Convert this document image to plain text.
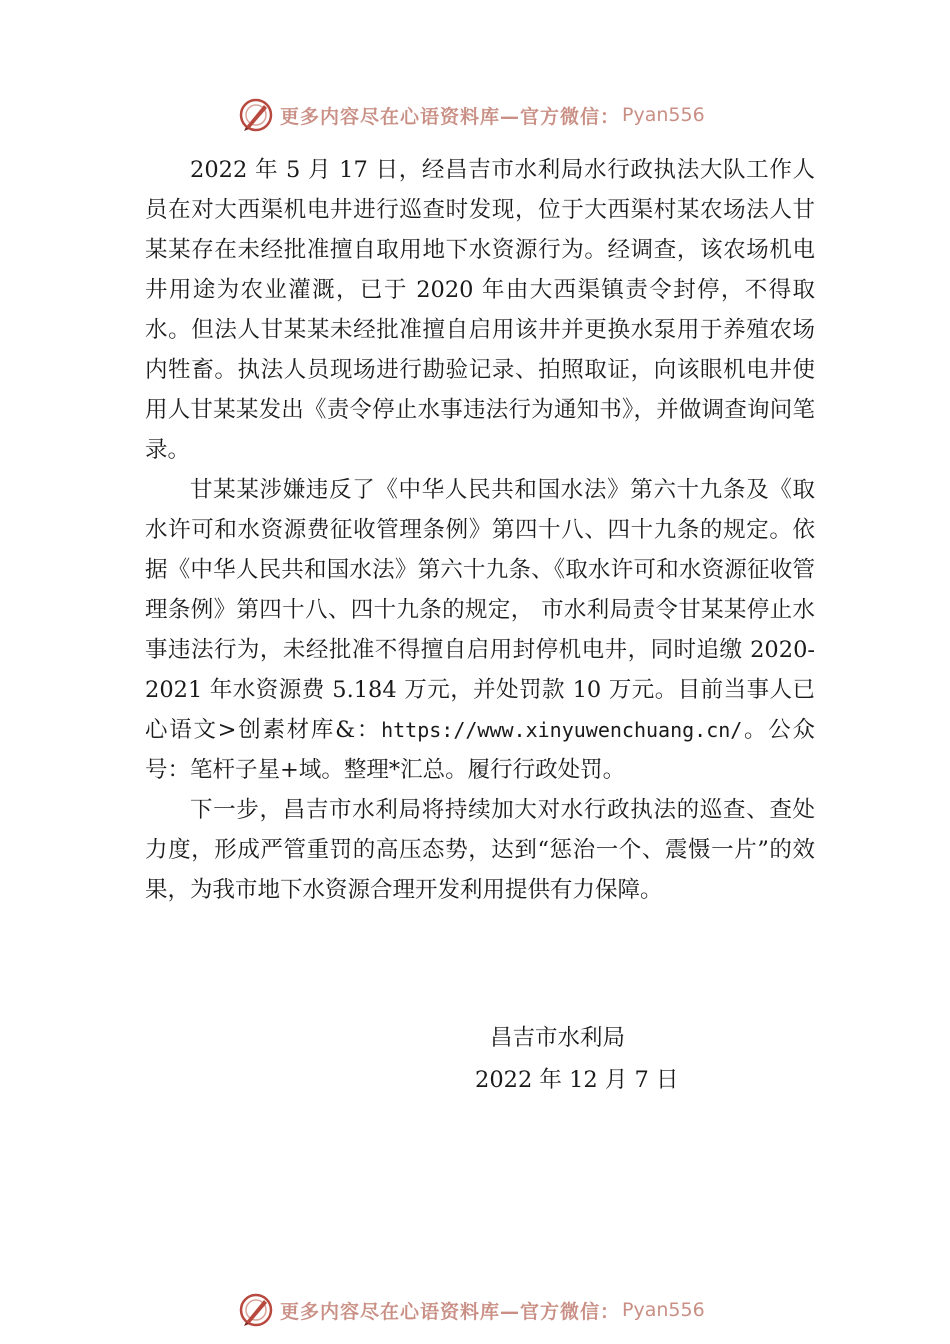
更多内容尽在心语资料库—官方微信： Pyan556

2022 年 5 月 17 日，经昌吉市水利局水行政执法大队工作人员在对大西渠机电井进行巡查时发现，位于大西渠村某农场法人甘某某存在未经批准擅自取用地下水资源行为。经调查，该农场机电井用途为农业灌溉，已于 2020 年由大西渠镇责令封停，不得取水。但法人甘某某未经批准擅自启用该井并更换水泵用于养殖农场内牲畜。执法人员现场进行勘验记录、拍照取证，向该眼机电井使用人甘某某发出《责令停止水事违法行为通知书》，并做调查询问笔录。

甘某某涉嫌违反了《中华人民共和国水法》第六十九条及《取水许可和水资源费征收管理条例》第四十八、四十九条的规定。依据《中华人民共和国水法》第六十九条、《取水许可和水资源征收管理条例》第四十八、四十九条的规定， 市水利局责令甘某某停止水事违法行为，未经批准不得擅自启用封停机电井，同时追缴 2020-2021 年水资源费 5.184 万元，并处罚款 10 万元。目前当事人已心语文>创素材库&：https://www.xinyuwenchuang.cn/。公众号：笔杆子星+域。整理*汇总。履行行政处罚。

下一步，昌吉市水利局将持续加大对水行政执法的巡查、查处力度，形成严管重罚的高压态势，达到“惩治一个、震慑一片”的效果，为我市地下水资源合理开发利用提供有力保障。

昌吉市水利局
2022 年 12 月 7 日
更多内容尽在心语资料库—官方微信： Pyan556
